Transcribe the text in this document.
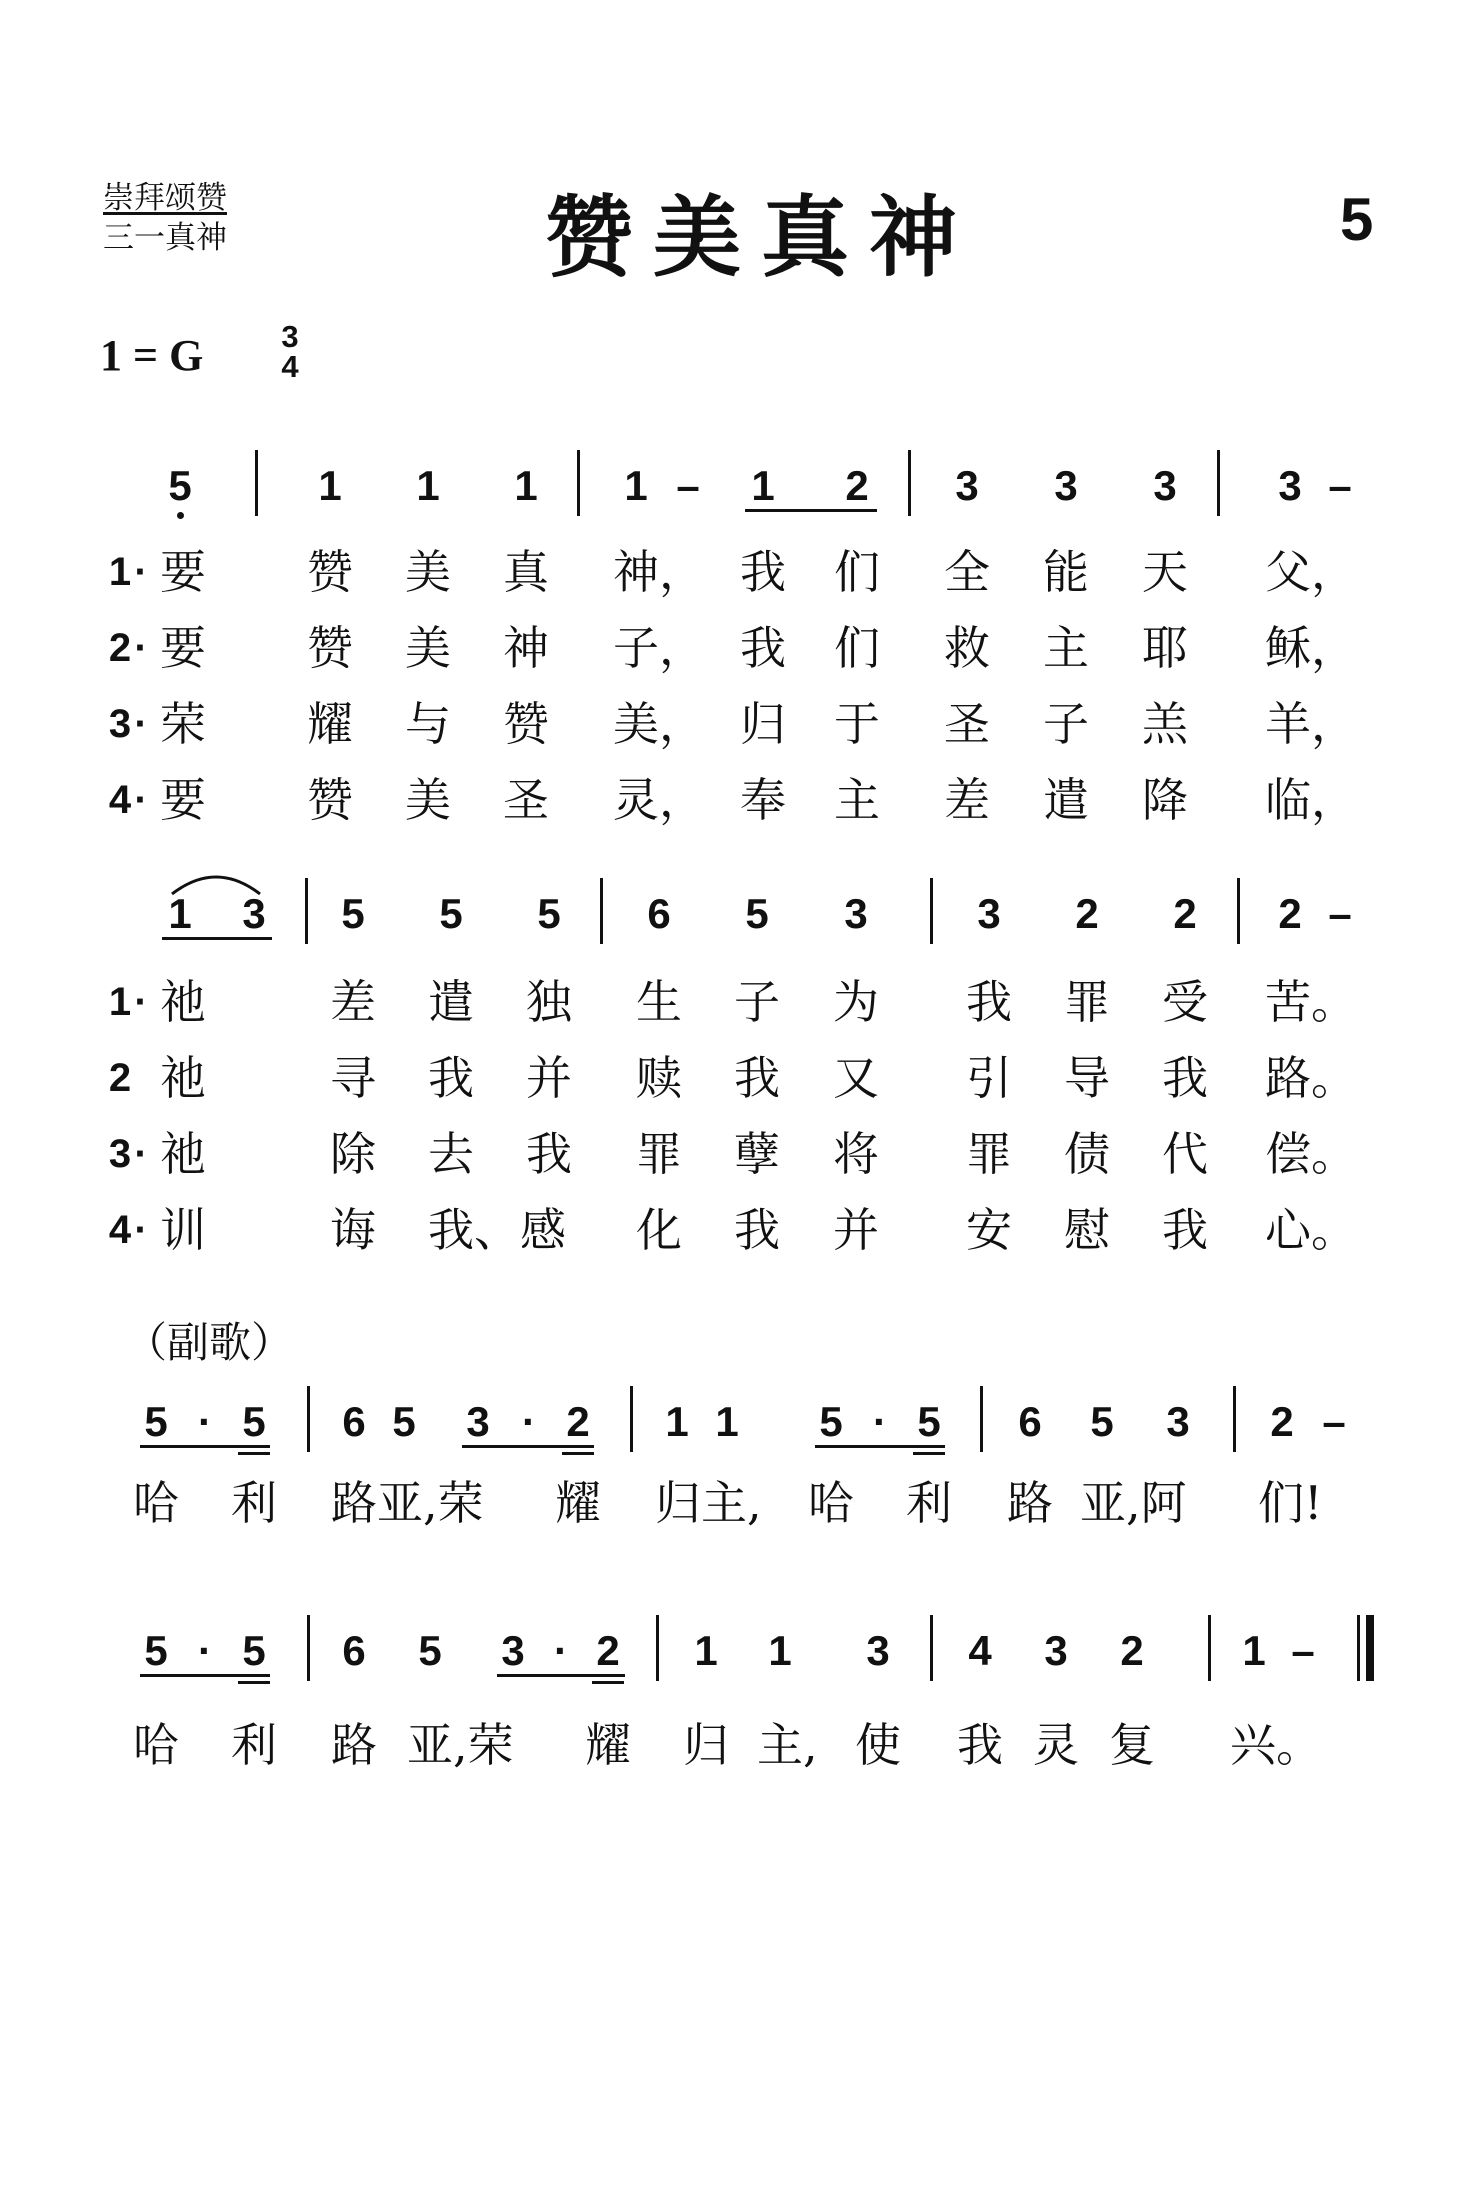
崇拜颂赞
三一真神	赞美真神	5
1 = G	3
4
5	1 1 1 1 – 1 2 3 3 3 3 –
1 · 要 赞 美 真 神， 我 们 全 能 天 父，
2 · 要 赞 美 神 子， 我 们 救 主 耶 稣，
3 · 荣 耀 与 赞 美， 归 于 圣 子 羔 羊，
4 · 要 赞 美 圣 灵， 奉 主 差 遣 降 临，
1 3 5 5 5 6 5 3	3 2 2 2 –
1 · 祂	差 遣 独 生 子 为 我 罪 受 苦。
2 祂	寻 我 并 赎 我 又 引 导 我 路。
3 · 祂	除 去 我 罪 孽 将 罪 债 代 偿。
4 · 训	诲 我、感 化 我 并 安 慰 我 心。
（副歌）
5 · 5 6 5 3 · 2 1 1 5 · 5 6 5 3 2 –
哈 利 路亚,荣 耀 归主, 哈 利 路 亚,阿 们!
5 · 5 6 5 3 · 2 1 1 3 4 3 2 1 –
哈 利 路 亚,荣 耀 归 主, 使 我 灵 复 兴。
